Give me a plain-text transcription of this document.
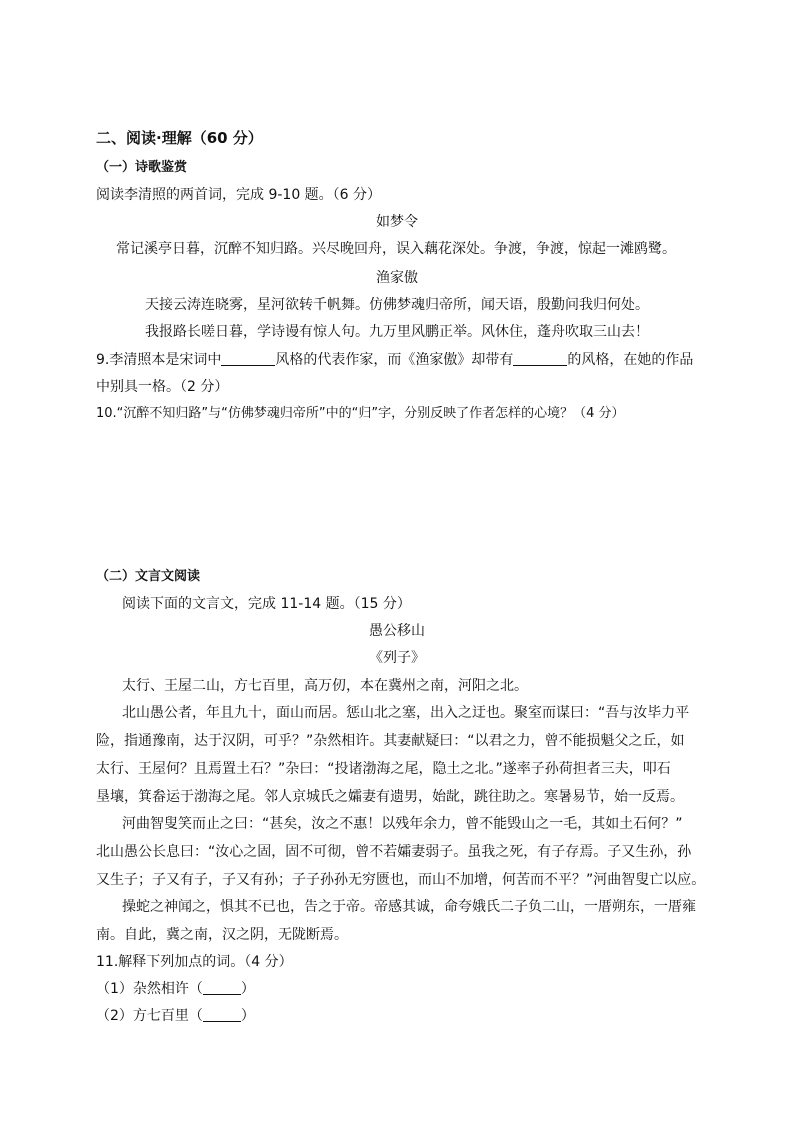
二、阅读·理解（60 分）
（一）诗歌鉴赏
阅读李清照的两首词，完成 9-10 题。（6 分）
如梦令
常记溪亭日暮，沉醉不知归路。兴尽晚回舟，误入藕花深处。争渡，争渡，惊起一滩鸥鹭。
渔家傲
天接云涛连晓雾，星河欲转千帆舞。仿佛梦魂归帝所，闻天语，殷勤问我归何处。
我报路长嗟日暮，学诗谩有惊人句。九万里风鹏正举。风休住，蓬舟吹取三山去！
9.李清照本是宋词中	风格的代表作家，而《渔家傲》却带有	的风格，在她的作品
中别具一格。（2 分）
10.“沉醉不知归路”与“仿佛梦魂归帝所”中的“归”字，分别反映了作者怎样的心境？（4 分）
（二）文言文阅读
阅读下面的文言文，完成 11-14 题。（15 分）
愚公移山
《列子》
太行、王屋二山，方七百里，高万仞，本在冀州之南，河阳之北。
北山愚公者，年且九十，面山而居。惩山北之塞，出入之迂也。聚室而谋曰：“吾与汝毕力平
险，指通豫南，达于汉阴，可乎？”杂然相许。其妻献疑曰：“以君之力，曾不能损魁父之丘，如
太行、王屋何？且焉置土石？”杂曰：“投诸渤海之尾，隐土之北。”遂率子孙荷担者三夫，叩石
垦壤，箕畚运于渤海之尾。邻人京城氏之孀妻有遗男，始龀，跳往助之。寒暑易节，始一反焉。
河曲智叟笑而止之曰：“甚矣，汝之不惠！以残年余力，曾不能毁山之一毛，其如土石何？”
北山愚公长息曰：“汝心之固，固不可彻，曾不若孀妻弱子。虽我之死，有子存焉。子又生孙，孙
又生子；子又有子，子又有孙；子子孙孙无穷匮也，而山不加增，何苦而不平？”河曲智叟亡以应。
操蛇之神闻之，惧其不已也，告之于帝。帝感其诚，命夸娥氏二子负二山，一厝朔东，一厝雍
南。自此，冀之南，汉之阴，无陇断焉。
11.解释下列加点的词。（4 分）
（1）杂然相许（	）
（2）方七百里（	）
